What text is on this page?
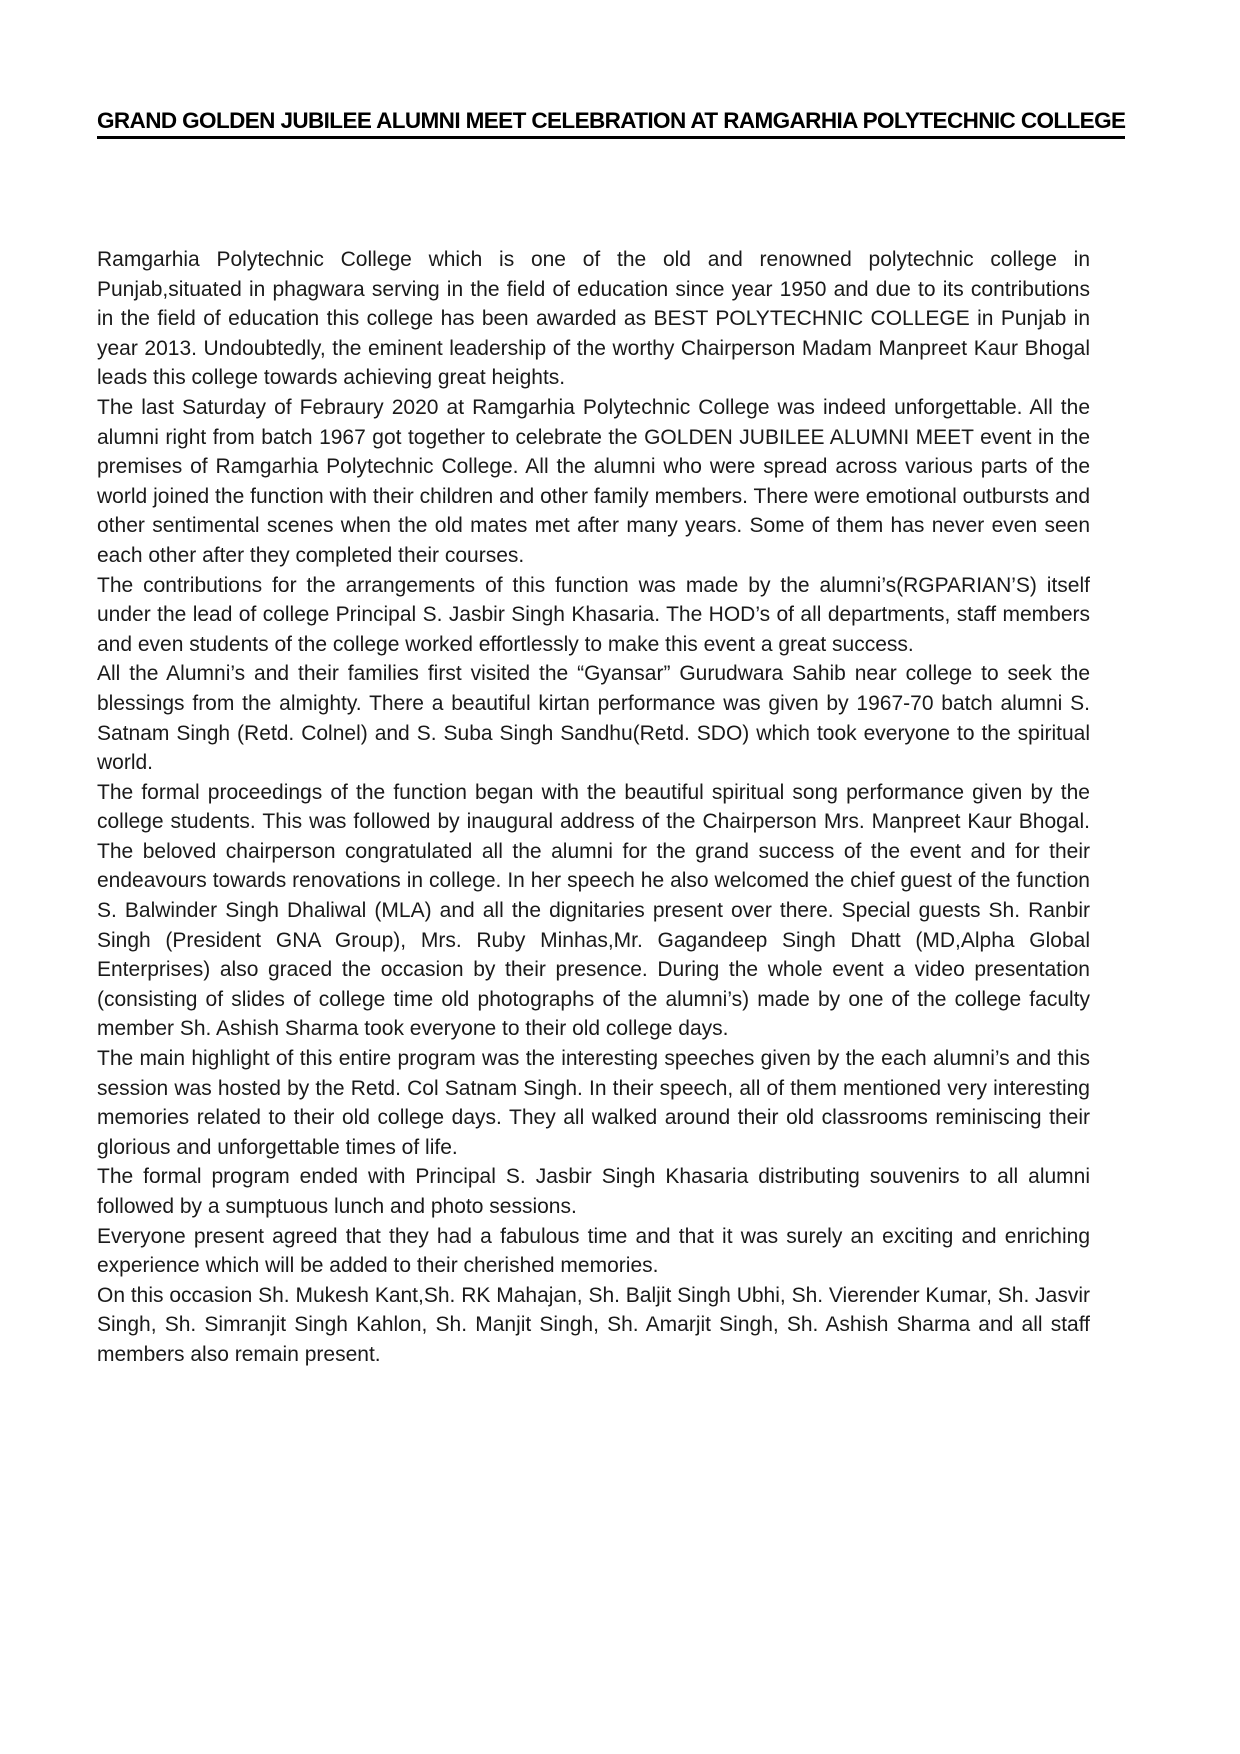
GRAND GOLDEN JUBILEE ALUMNI MEET CELEBRATION AT RAMGARHIA POLYTECHNIC COLLEGE

Ramgarhia Polytechnic College which is one of the old and renowned polytechnic college in Punjab,situated in phagwara serving in the field of education since year 1950 and due to its contributions in the field of education this college has been awarded as BEST POLYTECHNIC COLLEGE in Punjab in year 2013. Undoubtedly, the eminent leadership of the worthy Chairperson Madam Manpreet Kaur Bhogal leads this college towards achieving great heights.

The last Saturday of Febraury 2020 at Ramgarhia Polytechnic College was indeed unforgettable. All the alumni right from batch 1967 got together to celebrate the GOLDEN JUBILEE ALUMNI MEET event in the premises of Ramgarhia Polytechnic College. All the alumni who were spread across various parts of the world joined the function with their children and other family members. There were emotional outbursts and other sentimental scenes when the old mates met after many years. Some of them has never even seen each other after they completed their courses.

The contributions for the arrangements of this function was made by the alumni’s(RGPARIAN’S) itself under the lead of college Principal S. Jasbir Singh Khasaria. The HOD’s of all departments, staff members and even students of the college worked effortlessly to make this event a great success.

All the Alumni’s and their families first visited the “Gyansar” Gurudwara Sahib near college to seek the blessings from the almighty. There a beautiful kirtan performance was given by 1967-70 batch alumni S. Satnam Singh (Retd. Colnel) and S. Suba Singh Sandhu(Retd. SDO) which took everyone to the spiritual world.

The formal proceedings of the function began with the beautiful spiritual song performance given by the college students. This was followed by inaugural address of the Chairperson Mrs. Manpreet Kaur Bhogal. The beloved chairperson congratulated all the alumni for the grand success of the event and for their endeavours towards renovations in college. In her speech he also welcomed the chief guest of the function S. Balwinder Singh Dhaliwal (MLA) and all the dignitaries present over there. Special guests Sh. Ranbir Singh (President GNA Group), Mrs. Ruby Minhas,Mr. Gagandeep Singh Dhatt (MD,Alpha Global Enterprises) also graced the occasion by their presence. During the whole event a video presentation (consisting of slides of college time old photographs of the alumni’s) made by one of the college faculty member Sh. Ashish Sharma took everyone to their old college days.

The main highlight of this entire program was the interesting speeches given by the each alumni’s and this session was hosted by the Retd. Col Satnam Singh. In their speech, all of them mentioned very interesting memories related to their old college days. They all walked around their old classrooms reminiscing their glorious and unforgettable times of life.

The formal program ended with Principal S. Jasbir Singh Khasaria distributing souvenirs to all alumni followed by a sumptuous lunch and photo sessions.

Everyone present agreed that they had a fabulous time and that it was surely an exciting and enriching experience which will be added to their cherished memories.

On this occasion Sh. Mukesh Kant,Sh. RK Mahajan, Sh. Baljit Singh Ubhi, Sh. Vierender Kumar, Sh. Jasvir Singh, Sh. Simranjit Singh Kahlon, Sh. Manjit Singh, Sh. Amarjit Singh, Sh. Ashish Sharma and all staff members also remain present.
